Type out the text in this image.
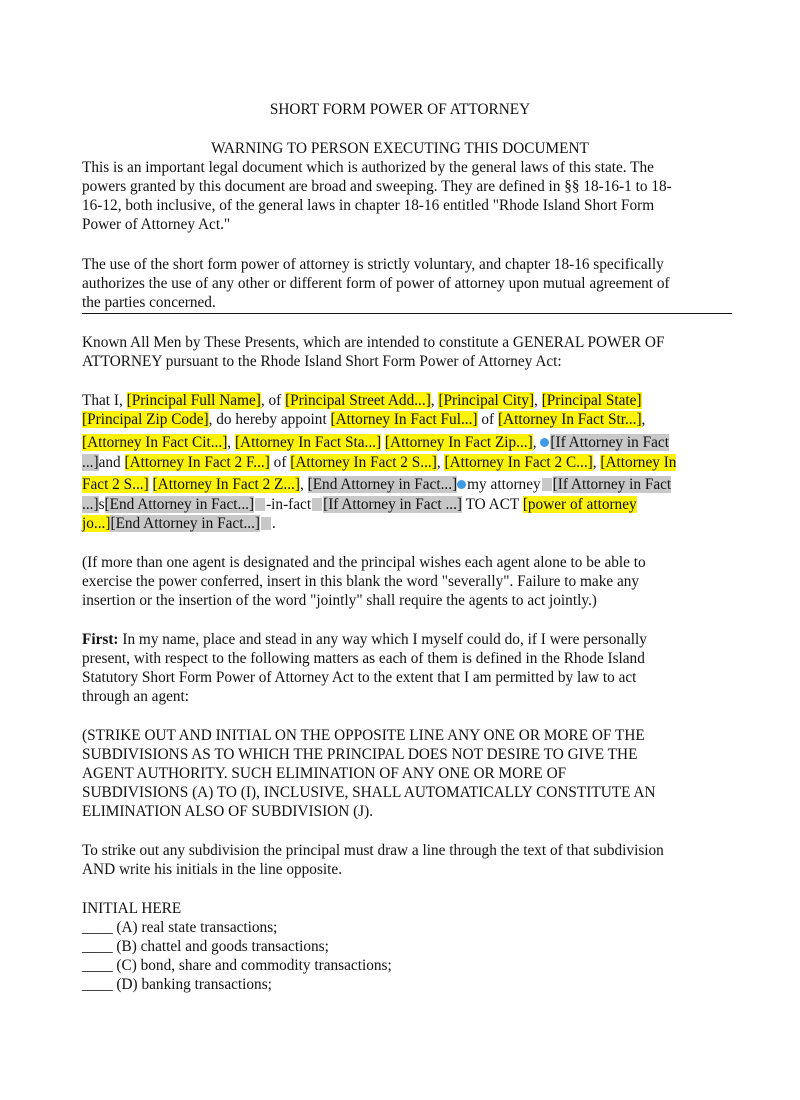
SHORT FORM POWER OF ATTORNEY
WARNING TO PERSON EXECUTING THIS DOCUMENT
This is an important legal document which is authorized by the general laws of this state. The
powers granted by this document are broad and sweeping. They are defined in §§ 18-16-1 to 18-
16-12, both inclusive, of the general laws in chapter 18-16 entitled "Rhode Island Short Form
Power of Attorney Act."
The use of the short form power of attorney is strictly voluntary, and chapter 18-16 specifically
authorizes the use of any other or different form of power of attorney upon mutual agreement of
the parties concerned.
Known All Men by These Presents, which are intended to constitute a GENERAL POWER OF
ATTORNEY pursuant to the Rhode Island Short Form Power of Attorney Act:
That I, [Principal Full Name], of [Principal Street Add...], [Principal City], [Principal State]
[Principal Zip Code], do hereby appoint [Attorney In Fact Ful...] of [Attorney In Fact Str...],
[Attorney In Fact Cit...], [Attorney In Fact Sta...] [Attorney In Fact Zip...], [If Attorney in Fact
...]and [Attorney In Fact 2 F...] of [Attorney In Fact 2 S...], [Attorney In Fact 2 C...], [Attorney In
Fact 2 S...] [Attorney In Fact 2 Z...], [End Attorney in Fact...] my attorney [If Attorney in Fact
...]s[End Attorney in Fact...] -in-fact [If Attorney in Fact ...] TO ACT [power of attorney
jo...][End Attorney in Fact...] .
(If more than one agent is designated and the principal wishes each agent alone to be able to
exercise the power conferred, insert in this blank the word "severally". Failure to make any
insertion or the insertion of the word "jointly" shall require the agents to act jointly.)
First: In my name, place and stead in any way which I myself could do, if I were personally
present, with respect to the following matters as each of them is defined in the Rhode Island
Statutory Short Form Power of Attorney Act to the extent that I am permitted by law to act
through an agent:
(STRIKE OUT AND INITIAL ON THE OPPOSITE LINE ANY ONE OR MORE OF THE
SUBDIVISIONS AS TO WHICH THE PRINCIPAL DOES NOT DESIRE TO GIVE THE
AGENT AUTHORITY. SUCH ELIMINATION OF ANY ONE OR MORE OF
SUBDIVISIONS (A) TO (I), INCLUSIVE, SHALL AUTOMATICALLY CONSTITUTE AN
ELIMINATION ALSO OF SUBDIVISION (J).
To strike out any subdivision the principal must draw a line through the text of that subdivision
AND write his initials in the line opposite.
INITIAL HERE
____ (A) real state transactions;
____ (B) chattel and goods transactions;
____ (C) bond, share and commodity transactions;
____ (D) banking transactions;
